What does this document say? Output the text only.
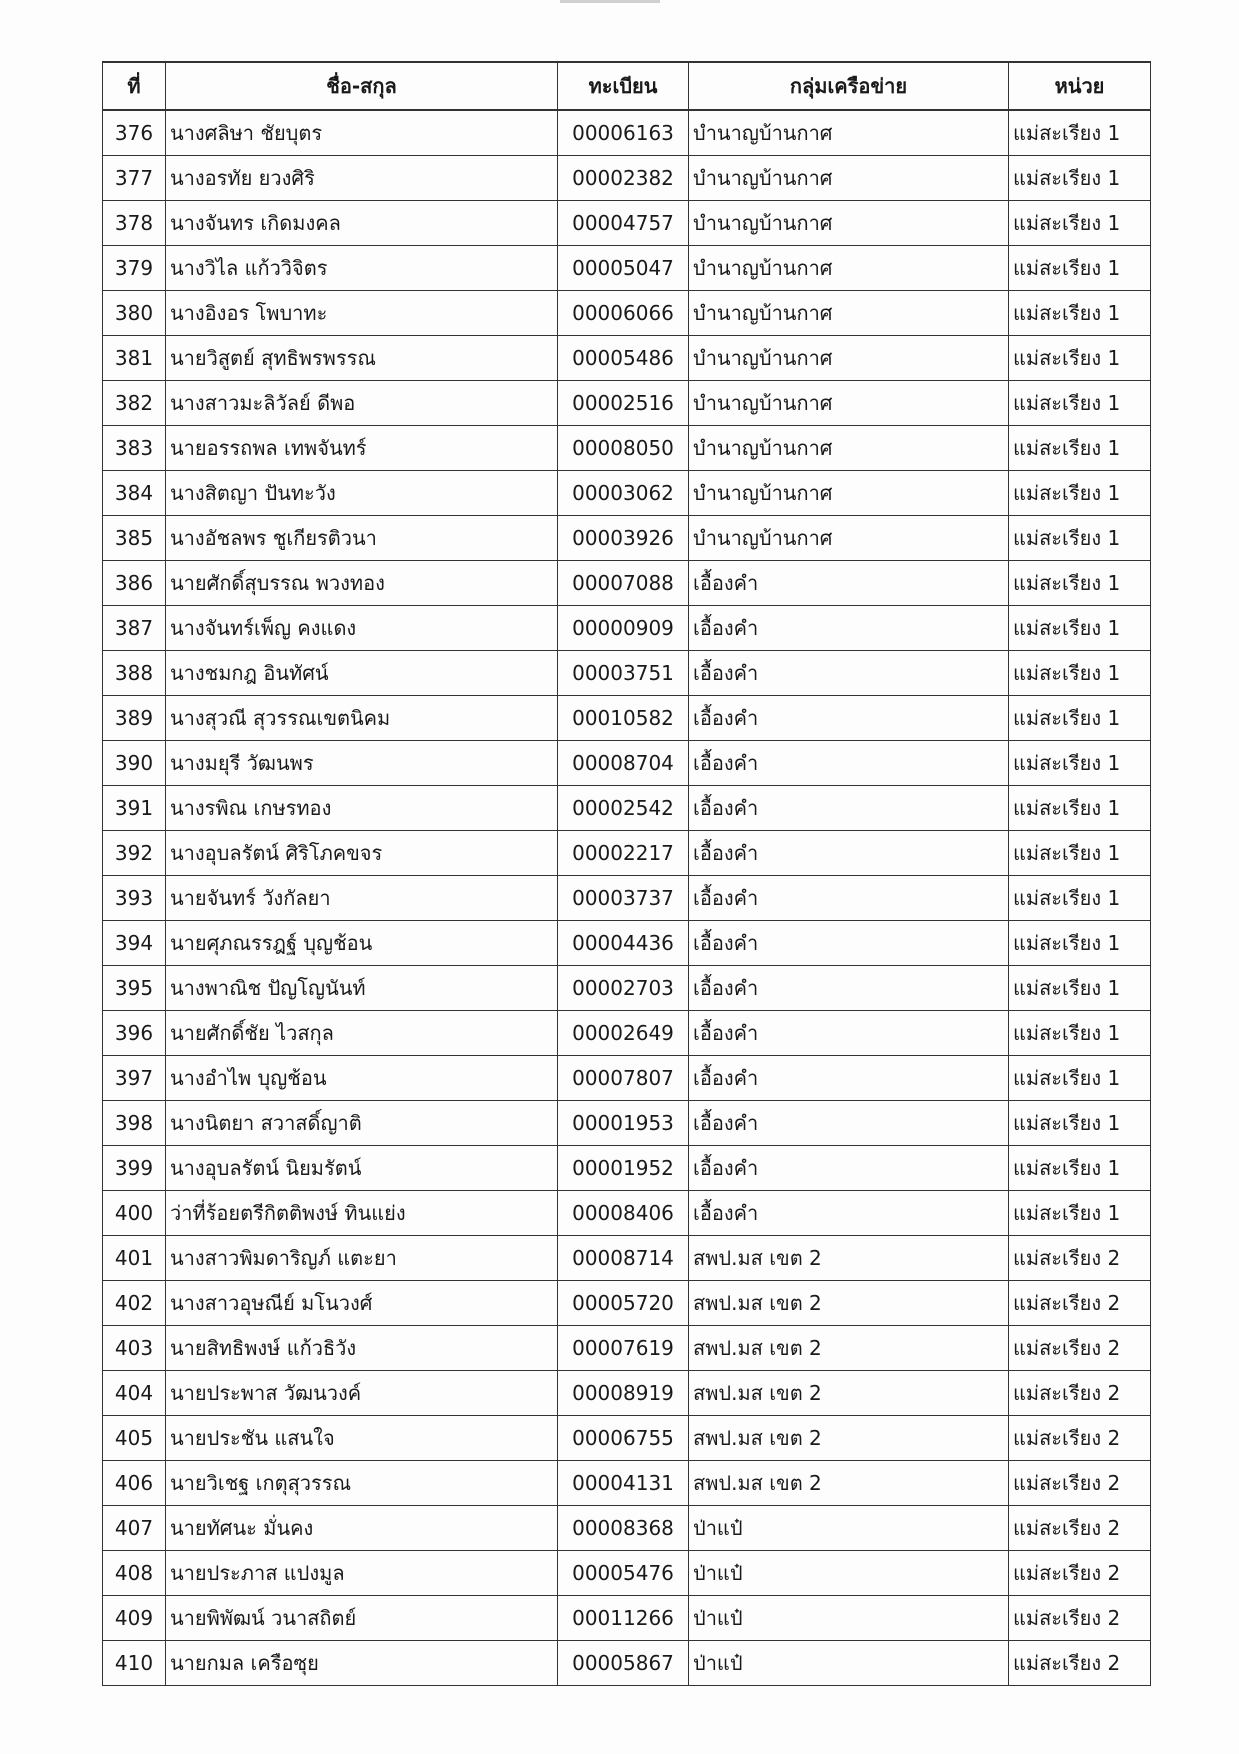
ที่	ชื่อ-สกุล	ทะเบียน	กลุ่มเครือข่าย	หน่วย
376	นางศลิษา ชัยบุตร	00006163	บำนาญบ้านกาศ	แม่สะเรียง 1
377	นางอรทัย ยวงศิริ	00002382	บำนาญบ้านกาศ	แม่สะเรียง 1
378	นางจันทร เกิดมงคล	00004757	บำนาญบ้านกาศ	แม่สะเรียง 1
379	นางวิไล แก้ววิจิตร	00005047	บำนาญบ้านกาศ	แม่สะเรียง 1
380	นางอิงอร โพบาทะ	00006066	บำนาญบ้านกาศ	แม่สะเรียง 1
381	นายวิสูตย์ สุทธิพรพรรณ	00005486	บำนาญบ้านกาศ	แม่สะเรียง 1
382	นางสาวมะลิวัลย์ ดีพอ	00002516	บำนาญบ้านกาศ	แม่สะเรียง 1
383	นายอรรถพล เทพจันทร์	00008050	บำนาญบ้านกาศ	แม่สะเรียง 1
384	นางสิตญา ปันทะวัง	00003062	บำนาญบ้านกาศ	แม่สะเรียง 1
385	นางอัชลพร ชูเกียรติวนา	00003926	บำนาญบ้านกาศ	แม่สะเรียง 1
386	นายศักดิ์สุบรรณ พวงทอง	00007088	เอื้องคำ	แม่สะเรียง 1
387	นางจันทร์เพ็ญ คงแดง	00000909	เอื้องคำ	แม่สะเรียง 1
388	นางชมกฎ อินทัศน์	00003751	เอื้องคำ	แม่สะเรียง 1
389	นางสุวณี สุวรรณเขตนิคม	00010582	เอื้องคำ	แม่สะเรียง 1
390	นางมยุรี วัฒนพร	00008704	เอื้องคำ	แม่สะเรียง 1
391	นางรพิณ เกษรทอง	00002542	เอื้องคำ	แม่สะเรียง 1
392	นางอุบลรัตน์ ศิริโภคขจร	00002217	เอื้องคำ	แม่สะเรียง 1
393	นายจันทร์ วังกัลยา	00003737	เอื้องคำ	แม่สะเรียง 1
394	นายศุภณรรฎฐ์ บุญช้อน	00004436	เอื้องคำ	แม่สะเรียง 1
395	นางพาณิช ปัญโญนันท์	00002703	เอื้องคำ	แม่สะเรียง 1
396	นายศักดิ์ชัย ไวสกุล	00002649	เอื้องคำ	แม่สะเรียง 1
397	นางอำไพ บุญช้อน	00007807	เอื้องคำ	แม่สะเรียง 1
398	นางนิตยา สวาสดิ์ญาติ	00001953	เอื้องคำ	แม่สะเรียง 1
399	นางอุบลรัตน์ นิยมรัตน์	00001952	เอื้องคำ	แม่สะเรียง 1
400	ว่าที่ร้อยตรีกิตติพงษ์ ทินแย่ง	00008406	เอื้องคำ	แม่สะเรียง 1
401	นางสาวพิมดาริญภ์ แตะยา	00008714	สพป.มส เขต 2	แม่สะเรียง 2
402	นางสาวอุษณีย์ มโนวงศ์	00005720	สพป.มส เขต 2	แม่สะเรียง 2
403	นายสิทธิพงษ์ แก้วธิวัง	00007619	สพป.มส เขต 2	แม่สะเรียง 2
404	นายประพาส วัฒนวงค์	00008919	สพป.มส เขต 2	แม่สะเรียง 2
405	นายประชัน แสนใจ	00006755	สพป.มส เขต 2	แม่สะเรียง 2
406	นายวิเชฐ เกตุสุวรรณ	00004131	สพป.มส เขต 2	แม่สะเรียง 2
407	นายทัศนะ มั่นคง	00008368	ป่าแป๋	แม่สะเรียง 2
408	นายประภาส แปงมูล	00005476	ป่าแป๋	แม่สะเรียง 2
409	นายพิพัฒน์ วนาสถิตย์	00011266	ป่าแป๋	แม่สะเรียง 2
410	นายกมล เครือซุย	00005867	ป่าแป๋	แม่สะเรียง 2
